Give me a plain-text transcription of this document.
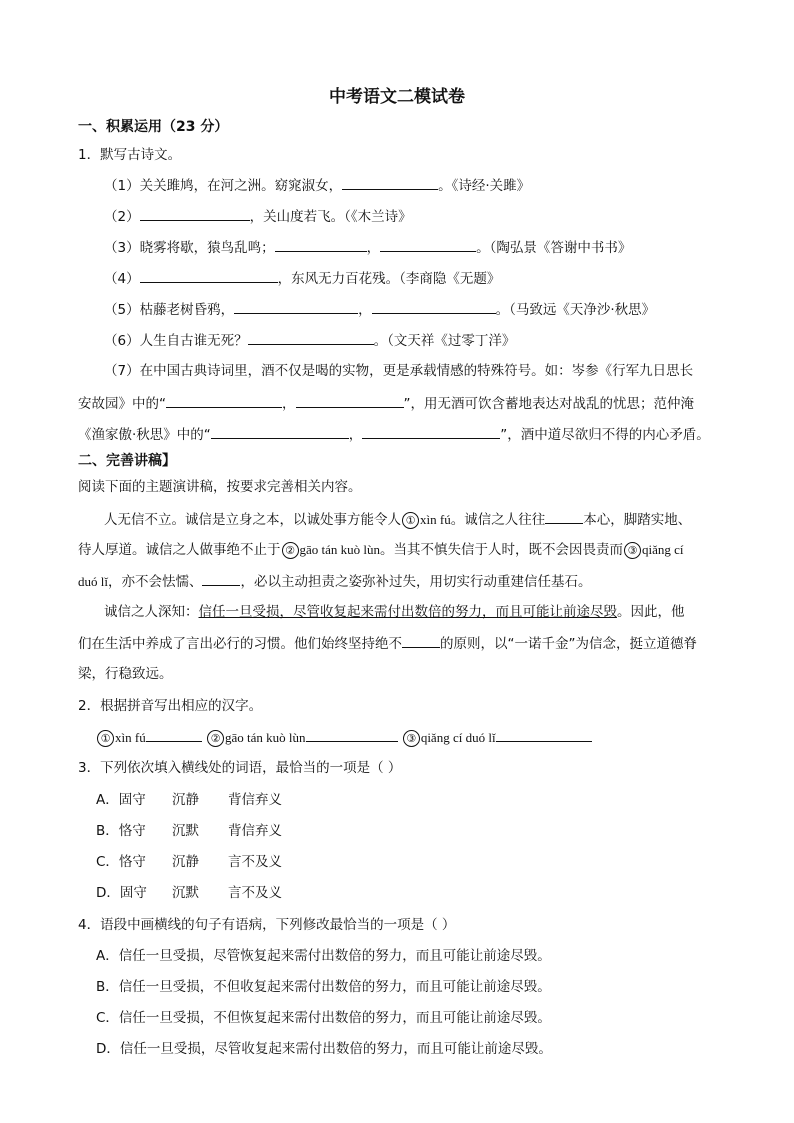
中考语文二模试卷
一、积累运用（23 分）
1．默写古诗文。
（1）关关雎鸠，在河之洲。窈窕淑女，	。《诗经·关雎》
（2）	，关山度若飞。（《木兰诗》
（3）晓雾将歇，猿鸟乱鸣；	，	。（陶弘景《答谢中书书》
（4）	，东风无力百花残。（李商隐《无题》
（5）枯藤老树昏鸦，	，	。（马致远《天净沙·秋思》
（6）人生自古谁无死？	。（文天祥《过零丁洋》
（7）在中国古典诗词里，酒不仅是喝的实物，更是承载情感的特殊符号。如：岑参《行军九日思长
安故园》中的“	，	”，用无酒可饮含蓄地表达对战乱的忧思；范仲淹
《渔家傲·秋思》中的“	，	”，酒中道尽欲归不得的内心矛盾。
二、完善讲稿】
阅读下面的主题演讲稿，按要求完善相关内容。
人无信不立。诚信是立身之本，以诚处事方能令人 ① xìn fú。诚信之人往往	本心，脚踏实地、
待人厚道。诚信之人做事绝不止于 ② gāo tán kuò lùn。当其不慎失信于人时，既不会因畏责而 ③ qiǎng cí
duó lǐ，亦不会怯懦、	，必以主动担责之姿弥补过失，用切实行动重建信任基石。
诚信之人深知：信任一旦受损，尽管收复起来需付出数倍的努力，而且可能让前途尽毁。因此，他
们在生活中养成了言出必行的习惯。他们始终坚持绝不	的原则，以“一诺千金”为信念，挺立道德脊
梁，行稳致远。
2．根据拼音写出相应的汉字。
① xìn fú	② gāo tán kuò lùn	③ qiǎng cí duó lǐ
3．下列依次填入横线处的词语，最恰当的一项是（ ）
A．固守 沉静 背信弃义
B．恪守 沉默 背信弃义
C．恪守 沉静 言不及义
D．固守 沉默 言不及义
4．语段中画横线的句子有语病，下列修改最恰当的一项是（ ）
A．信任一旦受损，尽管恢复起来需付出数倍的努力，而且可能让前途尽毁。
B．信任一旦受损，不但收复起来需付出数倍的努力，而且可能让前途尽毁。
C．信任一旦受损，不但恢复起来需付出数倍的努力，而且可能让前途尽毁。
D．信任一旦受损，尽管收复起来需付出数倍的努力，而且可能让前途尽毁。
